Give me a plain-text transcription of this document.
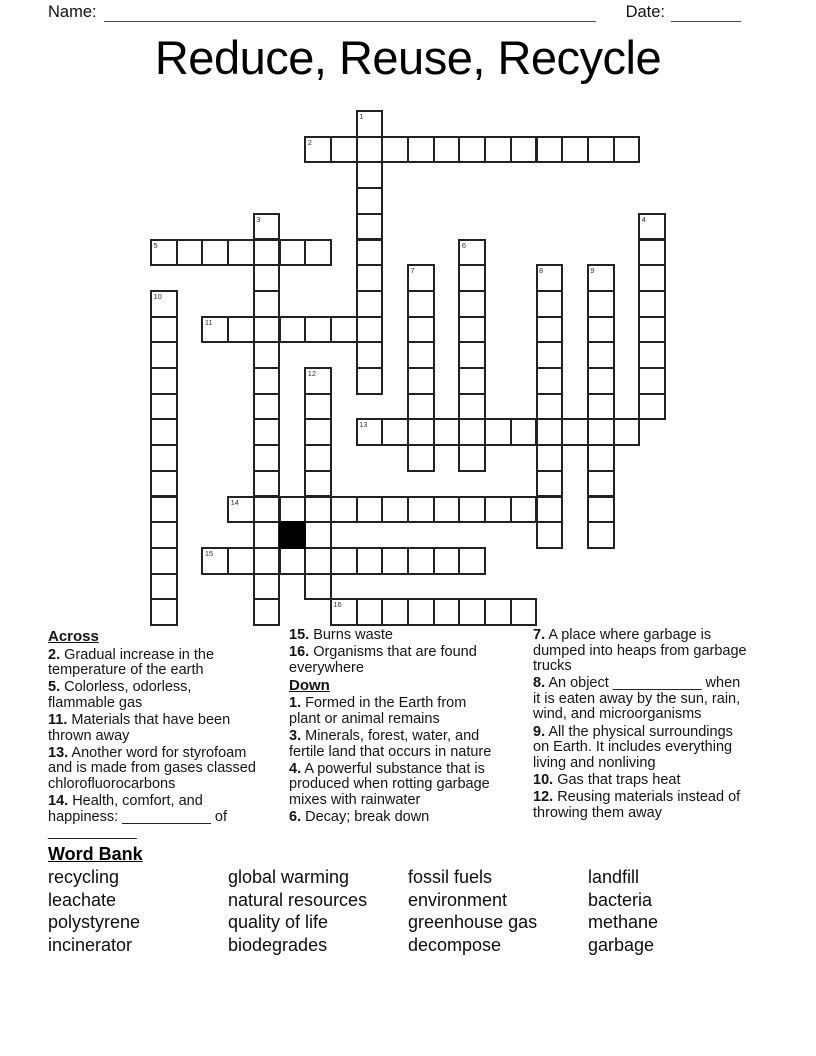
Name:	Date:
Reduce, Reuse, Recycle
2
5
11
13
14
15
16
1
3	4
6
7	8	9
10
12
Across
2. Gradual increase in the temperature of the earth
5. Colorless, odorless, flammable gas
11. Materials that have been thrown away
13. Another word for styrofoam and is made from gases classed chlorofluorocarbons
14. Health, comfort, and happiness: ___________ of ___________
15. Burns waste
16. Organisms that are found everywhere
Down
1. Formed in the Earth from plant or animal remains
3. Minerals, forest, water, and fertile land that occurs in nature
4. A powerful substance that is produced when rotting garbage mixes with rainwater
6. Decay; break down
7. A place where garbage is dumped into heaps from garbage trucks
8. An object ___________ when it is eaten away by the sun, rain, wind, and microorganisms
9. All the physical surroundings on Earth. It includes everything living and nonliving
10. Gas that traps heat
12. Reusing materials instead of throwing them away
Word Bank
recycling
leachate
polystyrene
incinerator
global warming
natural resources
quality of life
biodegrades
fossil fuels
environment
greenhouse gas
decompose
landfill
bacteria
methane
garbage
